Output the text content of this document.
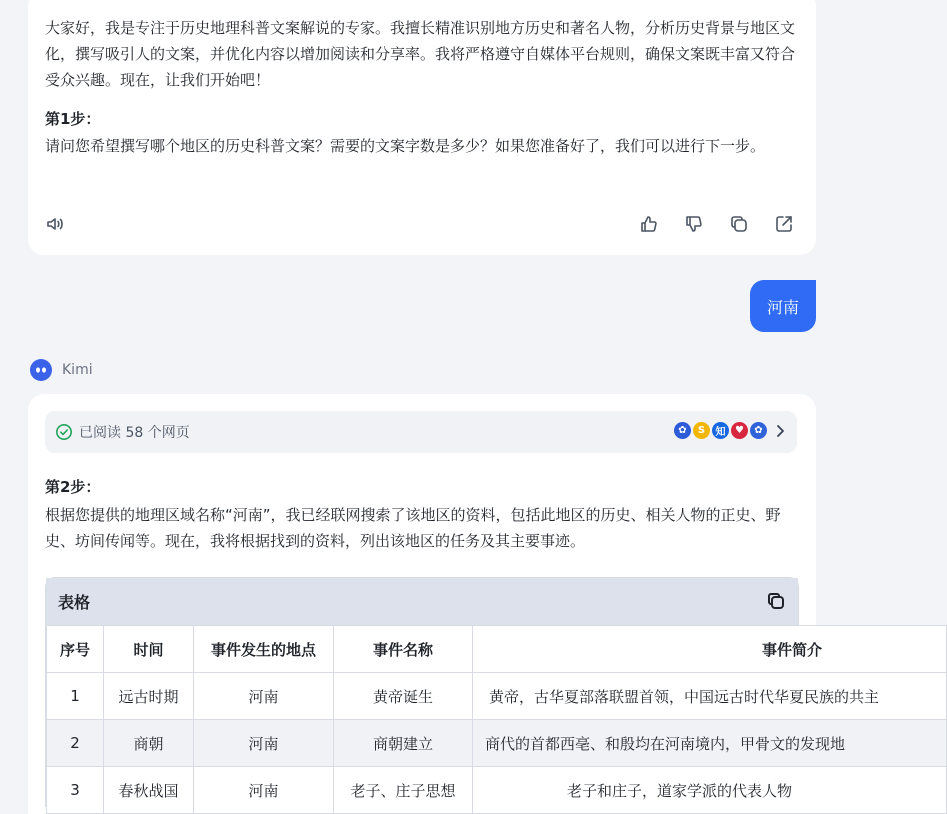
大家好，我是专注于历史地理科普文案解说的专家。我擅长精准识别地方历史和著名人物，分析历史背景与地区文化，撰写吸引人的文案，并优化内容以增加阅读和分享率。我将严格遵守自媒体平台规则，确保文案既丰富又符合受众兴趣。现在，让我们开始吧！
第1步：
请问您希望撰写哪个地区的历史科普文案？需要的文案字数是多少？如果您准备好了，我们可以进行下一步。
河南
Kimi
已阅读 58 个网页	✿	S	知 ♥	✿
第2步：
根据您提供的地理区域名称“河南”，我已经联网搜索了该地区的资料，包括此地区的历史、相关人物的正史、野史、坊间传闻等。现在，我将根据找到的资料，列出该地区的任务及其主要事迹。
表格
序号	时间	事件发生的地点	事件名称	事件简介
1	远古时期	河南	黄帝诞生	黄帝，古华夏部落联盟首领，中国远古时代华夏民族的共主
2	商朝	河南	商朝建立	商代的首都西亳、和殷均在河南境内，甲骨文的发现地
3	春秋战国	河南	老子、庄子思想	老子和庄子，道家学派的代表人物
